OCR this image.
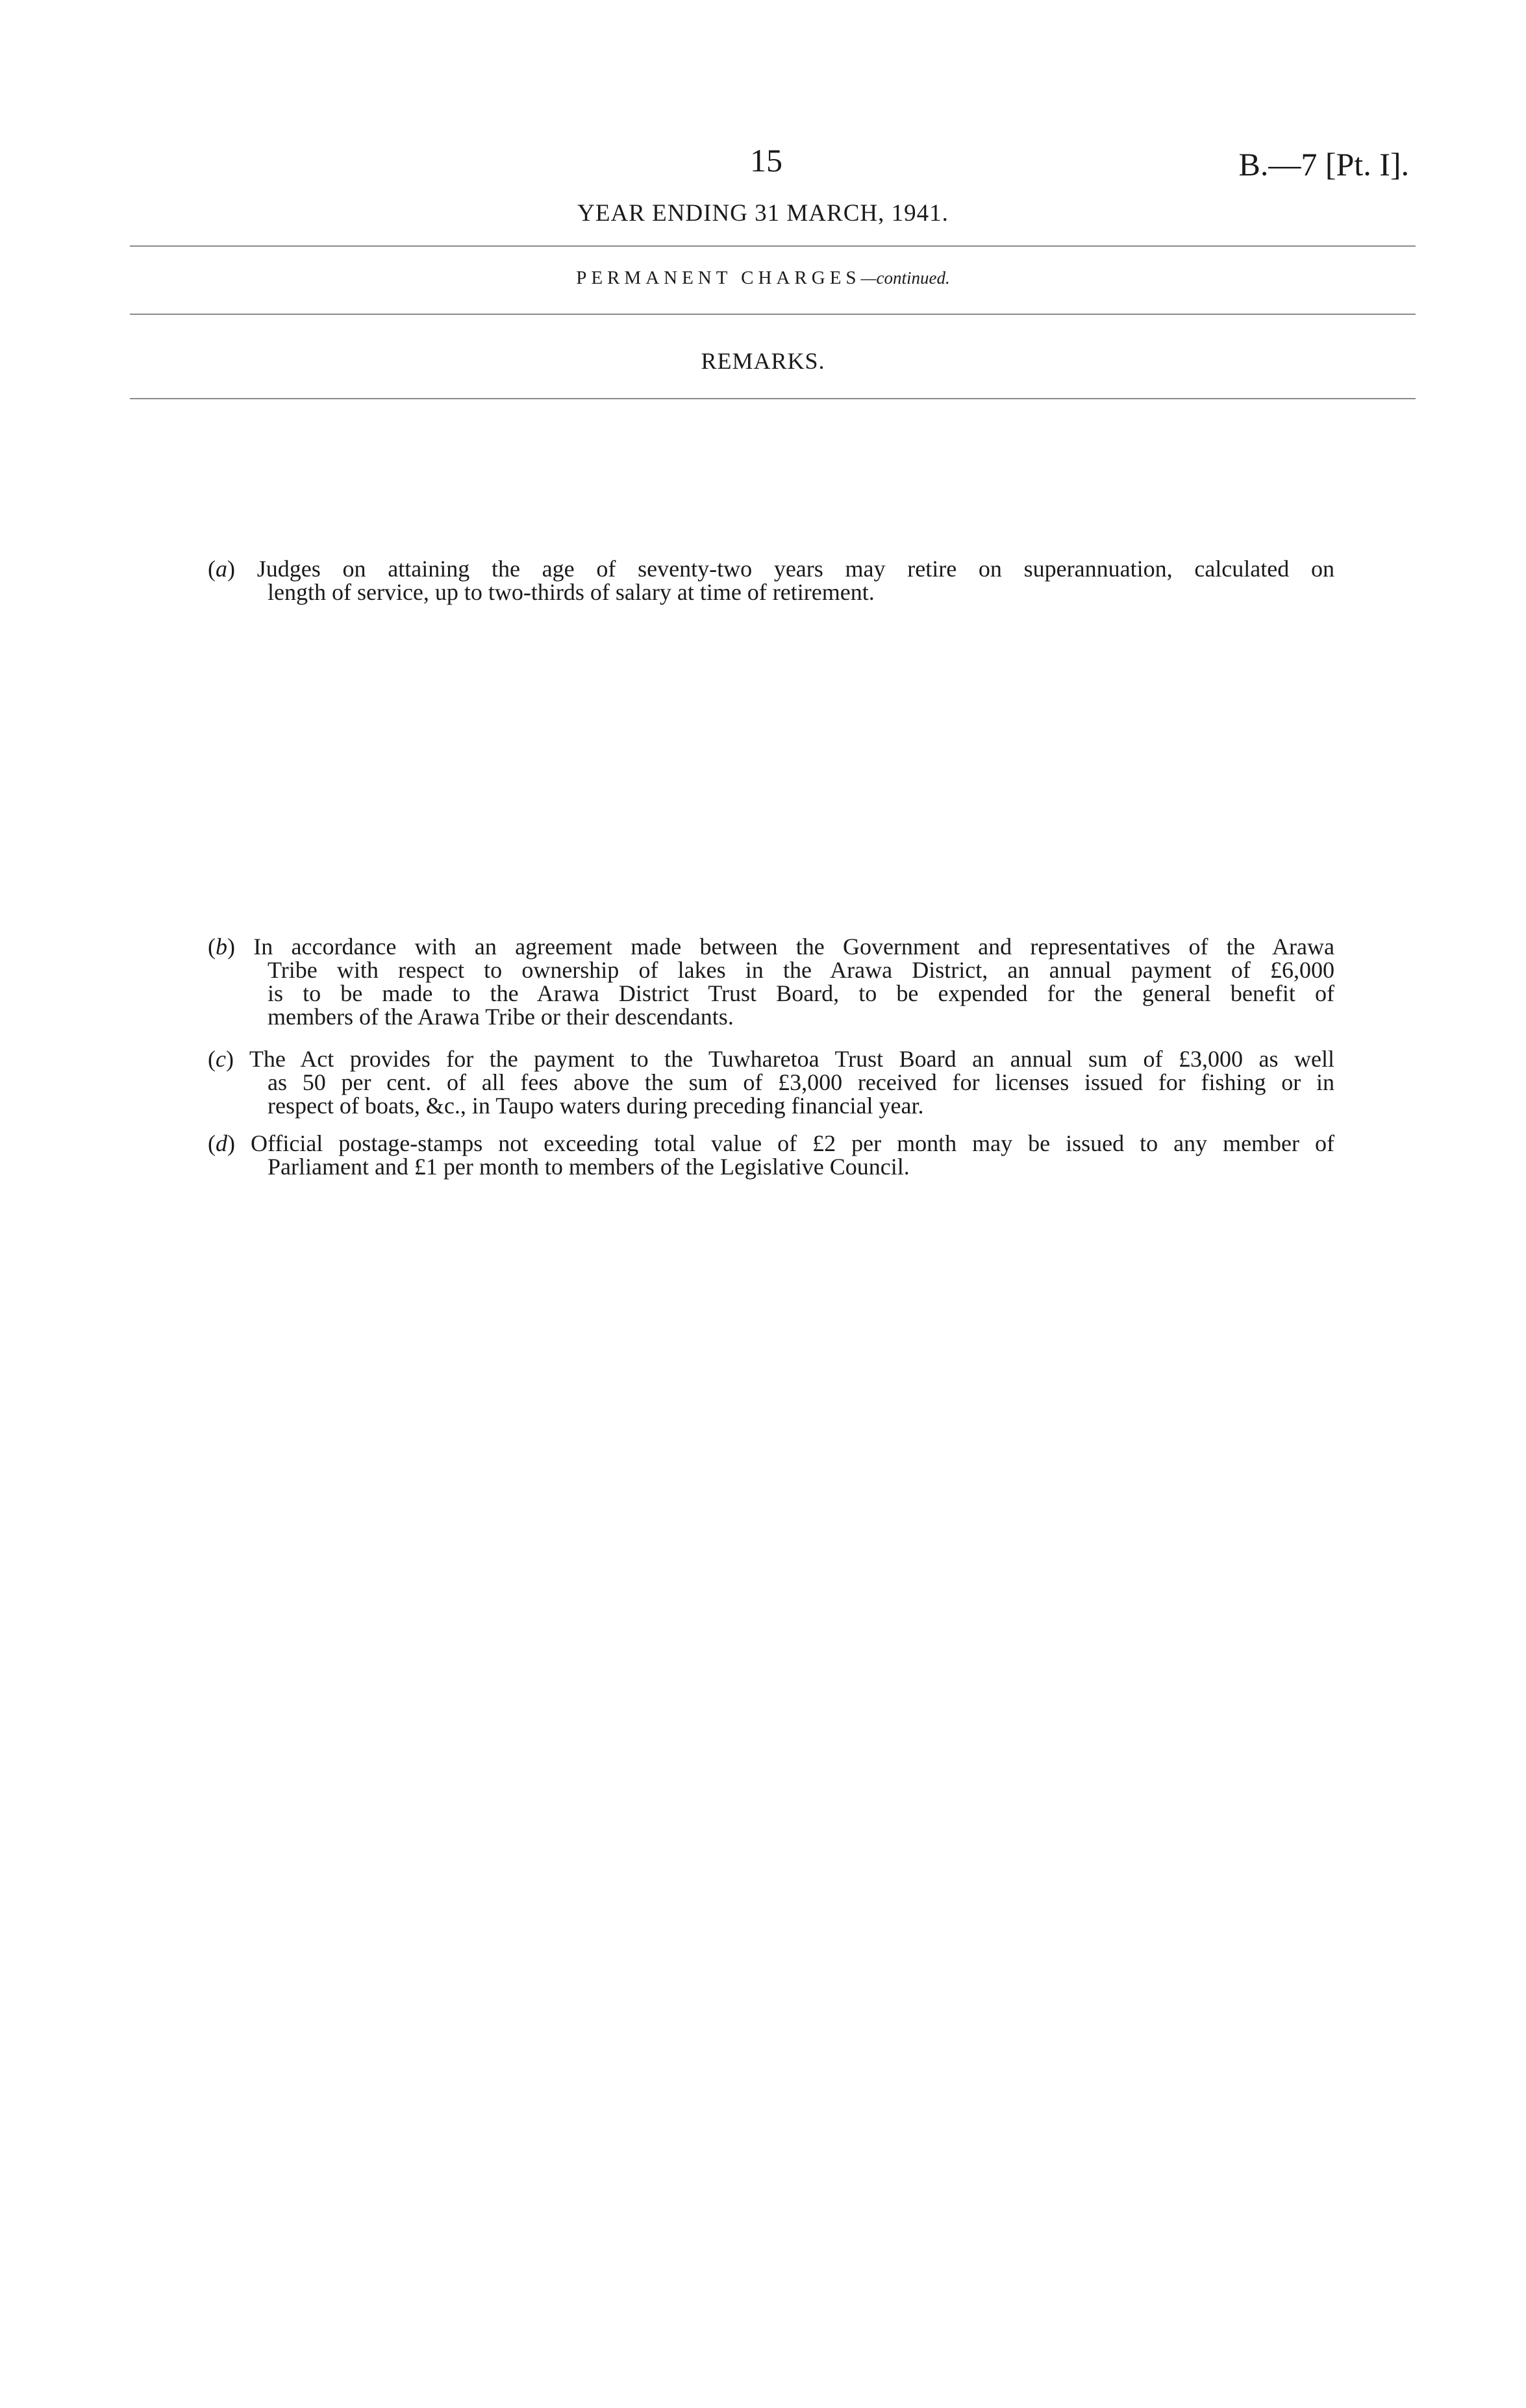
15	B.—7 [Pt. I].
YEAR ENDING 31 MARCH, 1941.
PERMANENT CHARGES—continued.
REMARKS.
(a) Judges on attaining the age of seventy-two years may retire on superannuation, calculated on
length of service, up to two-thirds of salary at time of retirement.
(b) In accordance with an agreement made between the Government and representatives of the Arawa
Tribe with respect to ownership of lakes in the Arawa District, an annual payment of £6,000
is to be made to the Arawa District Trust Board, to be expended for the general benefit of
members of the Arawa Tribe or their descendants.
(c) The Act provides for the payment to the Tuwharetoa Trust Board an annual sum of £3,000 as well
as 50 per cent. of all fees above the sum of £3,000 received for licenses issued for fishing or in
respect of boats, &c., in Taupo waters during preceding financial year.
(d) Official postage-stamps not exceeding total value of £2 per month may be issued to any member of
Parliament and £1 per month to members of the Legislative Council.
